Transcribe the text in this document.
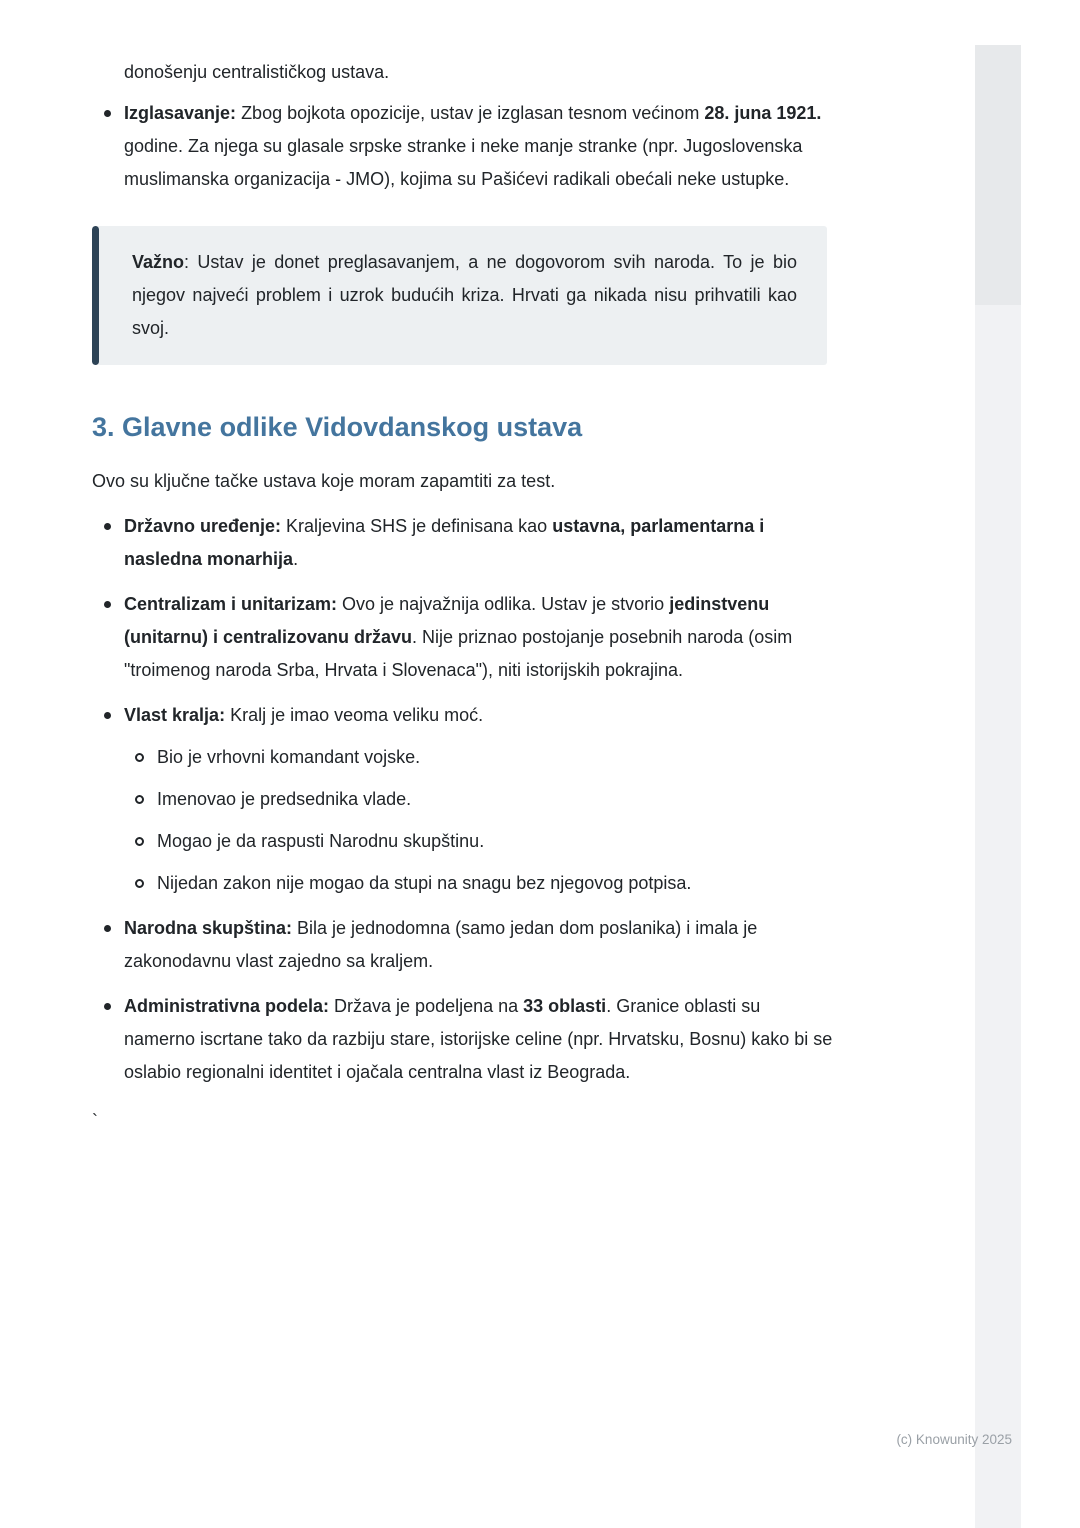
donošenju centralističkog ustava.

Izglasavanje: Zbog bojkota opozicije, ustav je izglasan tesnom većinom 28. juna 1921. godine. Za njega su glasale srpske stranke i neke manje stranke (npr. Jugoslovenska muslimanska organizacija - JMO), kojima su Pašićevi radikali obećali neke ustupke.

Važno: Ustav je donet preglasavanjem, a ne dogovorom svih naroda. To je bio njegov najveći problem i uzrok budućih kriza. Hrvati ga nikada nisu prihvatili kao svoj.
3. Glavne odlike Vidovdanskog ustava

Ovo su ključne tačke ustava koje moram zapamtiti za test.

Državno uređenje: Kraljevina SHS je definisana kao ustavna, parlamentarna i nasledna monarhija.

Centralizam i unitarizam: Ovo je najvažnija odlika. Ustav je stvorio jedinstvenu (unitarnu) i centralizovanu državu. Nije priznao postojanje posebnih naroda (osim "troimenog naroda Srba, Hrvata i Slovenaca"), niti istorijskih pokrajina.

Vlast kralja: Kralj je imao veoma veliku moć.

Bio je vrhovni komandant vojske.

Imenovao je predsednika vlade.

Mogao je da raspusti Narodnu skupštinu.

Nijedan zakon nije mogao da stupi na snagu bez njegovog potpisa.

Narodna skupština: Bila je jednodomna (samo jedan dom poslanika) i imala je zakonodavnu vlast zajedno sa kraljem.

Administrativna podela: Država je podeljena na 33 oblasti. Granice oblasti su namerno iscrtane tako da razbiju stare, istorijske celine (npr. Hrvatsku, Bosnu) kako bi se oslabio regionalni identitet i ojačala centralna vlast iz Beograda.

`

(c) Knowunity 2025
